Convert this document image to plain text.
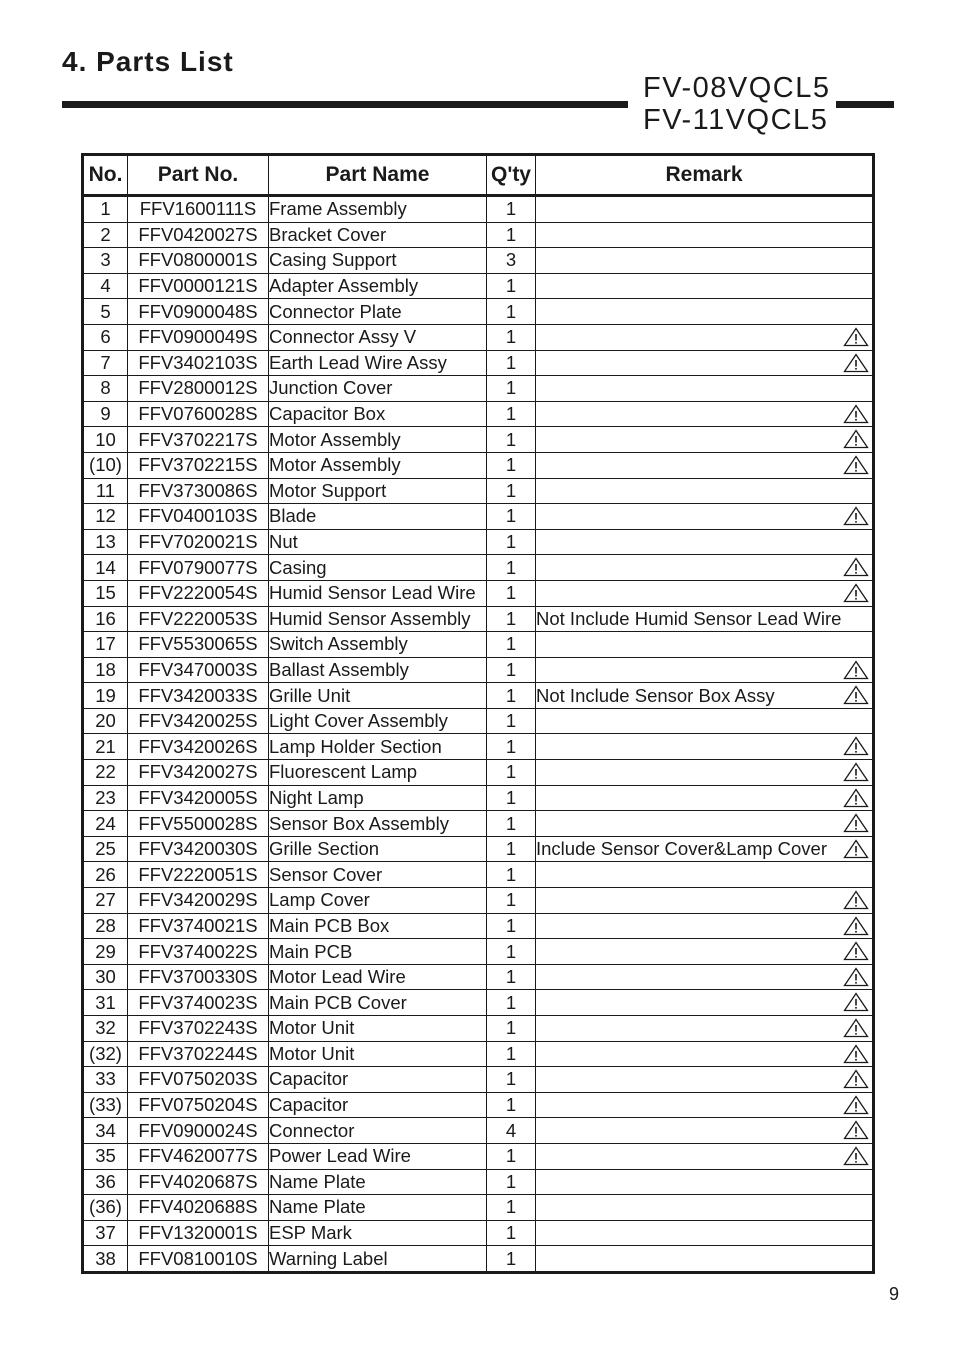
4. Parts List
FV-08VQCL5
FV-11VQCL5
No.	Part No.	Part Name	Q'ty	Remark
1	FFV1600111S	Frame Assembly	1	
2	FFV0420027S	Bracket Cover	1	
3	FFV0800001S	Casing Support	3	
4	FFV0000121S	Adapter Assembly	1	
5	FFV0900048S	Connector Plate	1	
6	FFV0900049S	Connector Assy V	1	

7	FFV3402103S	Earth Lead Wire Assy	1	

8	FFV2800012S	Junction Cover	1	
9	FFV0760028S	Capacitor Box	1	

10	FFV3702217S	Motor Assembly	1	

(10)	FFV3702215S	Motor Assembly	1	

11	FFV3730086S	Motor Support	1	
12	FFV0400103S	Blade	1	

13	FFV7020021S	Nut	1	
14	FFV0790077S	Casing	1	

15	FFV2220054S	Humid Sensor Lead Wire	1	

16	FFV2220053S	Humid Sensor Assembly	1	Not Include Humid Sensor Lead Wire
17	FFV5530065S	Switch Assembly	1	
18	FFV3470003S	Ballast Assembly	1	

19	FFV3420033S	Grille Unit	1	Not Include Sensor Box Assy

20	FFV3420025S	Light Cover Assembly	1	
21	FFV3420026S	Lamp Holder Section	1	

22	FFV3420027S	Fluorescent Lamp	1	

23	FFV3420005S	Night Lamp	1	

24	FFV5500028S	Sensor Box Assembly	1	

25	FFV3420030S	Grille Section	1	Include Sensor Cover&Lamp Cover

26	FFV2220051S	Sensor Cover	1	
27	FFV3420029S	Lamp Cover	1	

28	FFV3740021S	Main PCB Box	1	

29	FFV3740022S	Main PCB	1	

30	FFV3700330S	Motor Lead Wire	1	

31	FFV3740023S	Main PCB Cover	1	

32	FFV3702243S	Motor Unit	1	

(32)	FFV3702244S	Motor Unit	1	

33	FFV0750203S	Capacitor	1	

(33)	FFV0750204S	Capacitor	1	

34	FFV0900024S	Connector	4	

35	FFV4620077S	Power Lead Wire	1	

36	FFV4020687S	Name Plate	1	
(36)	FFV4020688S	Name Plate	1	
37	FFV1320001S	ESP Mark	1	
38	FFV0810010S	Warning Label	1	
9
